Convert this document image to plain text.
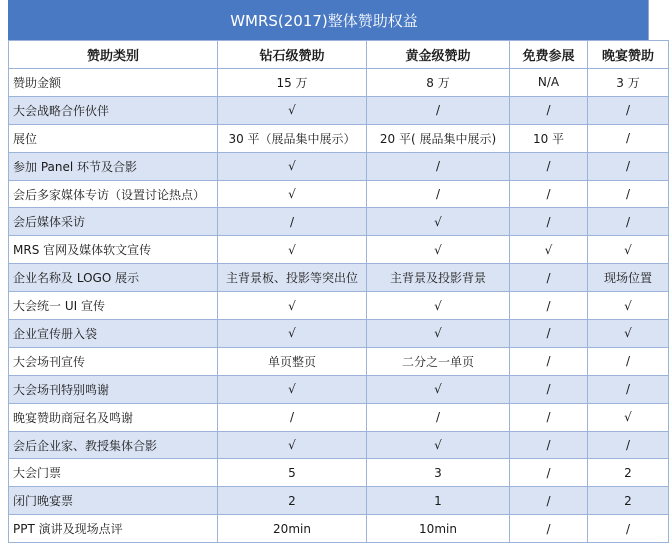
WMRS(2017)整体赞助权益
赞助类别	钻石级赞助	黄金级赞助	免费参展	晚宴赞助
赞助金额	15 万	8 万	N/A	3 万
大会战略合作伙伴	√	/	/	/
展位	30 平（展品集中展示）	20 平( 展品集中展示)	10 平	/
参加 Panel 环节及合影	√	/	/	/
会后多家媒体专访（设置讨论热点）	√	/	/	/
会后媒体采访	/	√	/	/
MRS 官网及媒体软文宣传	√	√	√	√
企业名称及 LOGO 展示	主背景板、投影等突出位	主背景及投影背景	/	现场位置
大会统一 UI 宣传	√	√	/	√
企业宣传册入袋	√	√	/	√
大会场刊宣传	单页整页	二分之一单页	/	/
大会场刊特别鸣谢	√	√	/	/
晚宴赞助商冠名及鸣谢	/	/	/	√
会后企业家、教授集体合影	√	√	/	/
大会门票	5	3	/	2
闭门晚宴票	2	1	/	2
PPT 演讲及现场点评	20min	10min	/	/
